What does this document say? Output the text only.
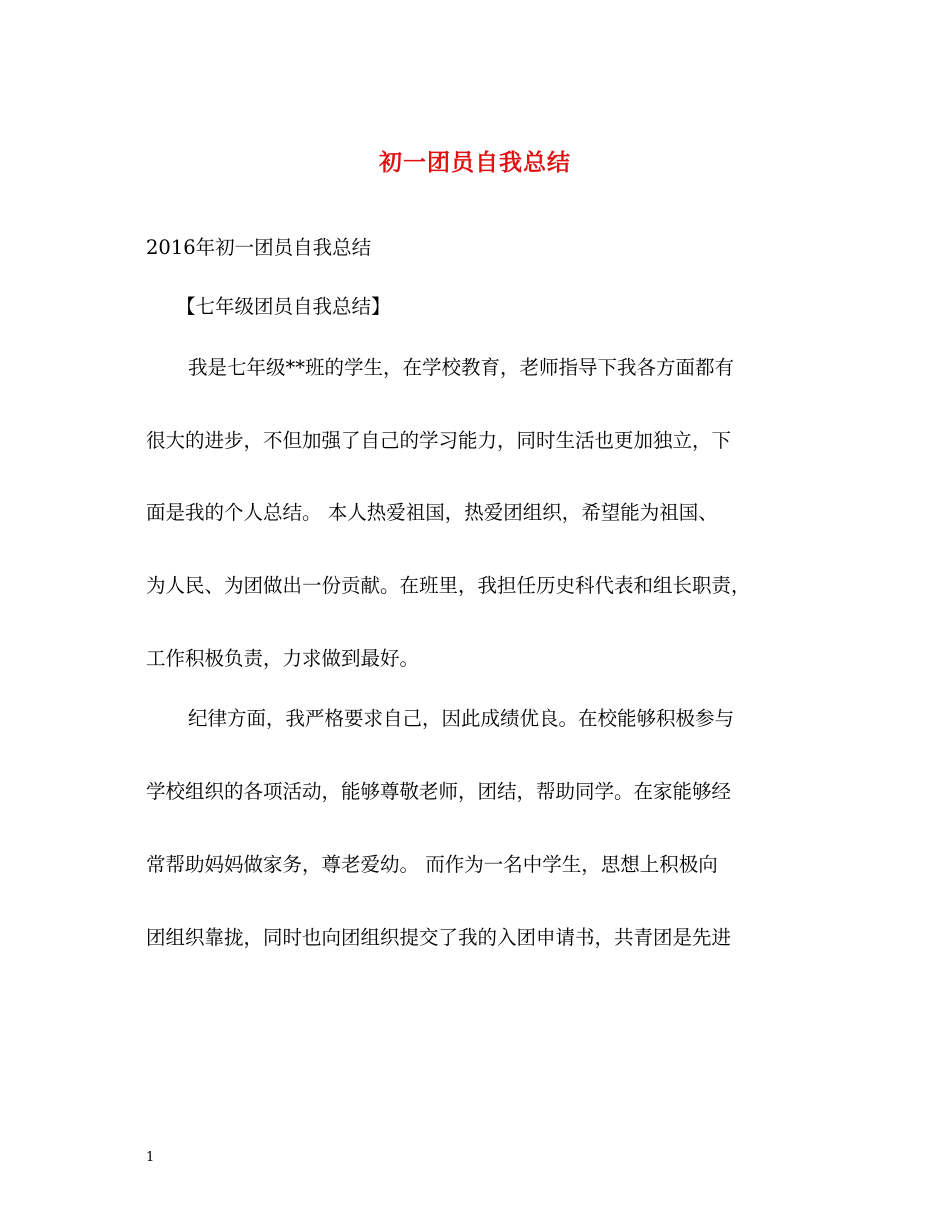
初一团员自我总结
2016年初一团员自我总结
【七年级团员自我总结】
我是七年级**班的学生，在学校教育，老师指导下我各方面都有
很大的进步，不但加强了自己的学习能力，同时生活也更加独立，下
面是我的个人总结。 本人热爱祖国，热爱团组织，希望能为祖国、
为人民、为团做出一份贡献。在班里，我担任历史科代表和组长职责，
工作积极负责，力求做到最好。
纪律方面，我严格要求自己，因此成绩优良。在校能够积极参与
学校组织的各项活动，能够尊敬老师，团结，帮助同学。在家能够经
常帮助妈妈做家务，尊老爱幼。 而作为一名中学生，思想上积极向
团组织靠拢，同时也向团组织提交了我的入团申请书，共青团是先进
1
